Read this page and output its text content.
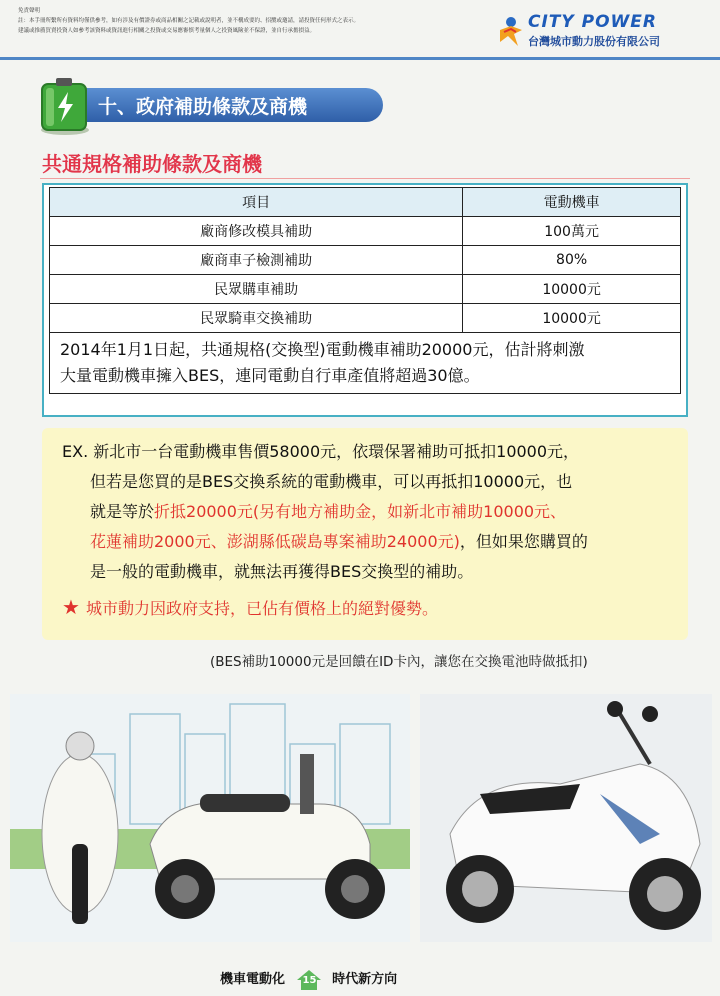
免責聲明
註：本手冊所繫所有資料均僅供參考，如有涉及有價證券或商品相關之記載或說明者，並不構成要約、招攬或邀請，請投資任何形式之表示。
建議或推薦買賣投資人如參考該資料或資訊進行相關之投資或交易應審慎考量個人之投資風險並不保證，並自行承擔損益。	CITY POWER
台灣城市動力股份有限公司
十、政府補助條款及商機
共通規格補助條款及商機
項目	電動機車
廠商修改模具補助	100萬元
廠商車子檢測補助	80%
民眾購車補助	10000元
民眾騎車交換補助	10000元

2014年1月1日起，共通規格(交換型)電動機車補助20000元，估計將刺激
大量電動機車擁入BES，連同電動自行車產值將超過30億。	
EX. 新北市一台電動機車售價58000元，依環保署補助可抵扣10000元，
但若是您買的是BES交換系統的電動機車，可以再抵扣10000元，也
就是等於折抵20000元(另有地方補助金，如新北市補助10000元、
花蓮補助2000元、澎湖縣低碳島專案補助24000元)，但如果您購買的
是一般的電動機車，就無法再獲得BES交換型的補助。
★ 城市動力因政府支持，已佔有價格上的絕對優勢。
(BES補助10000元是回饋在ID卡內，讓您在交換電池時做抵扣)
機車電動化 15 時代新方向
